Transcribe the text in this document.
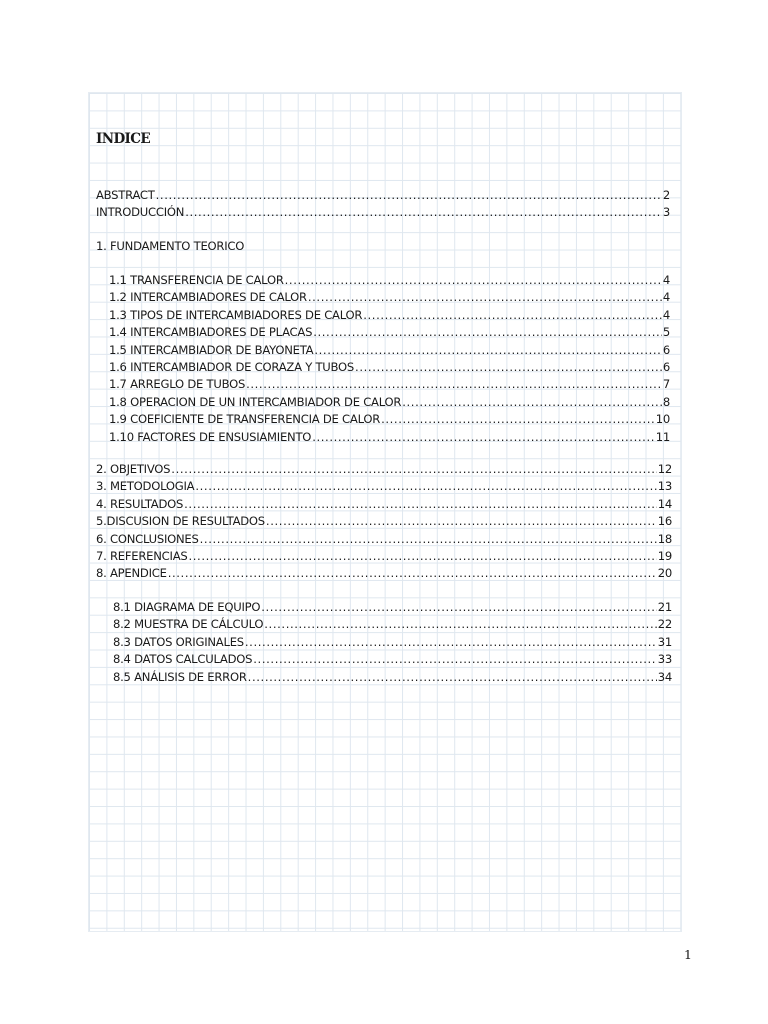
INDICE
ABSTRACT .....	2
INTRODUCCIÓN .....	3
1.1 TRANSFERENCIA DE CALOR .....	4
1.2 INTERCAMBIADORES DE CALOR .....	4
1.3 TIPOS DE INTERCAMBIADORES DE CALOR .....	4
1.4 INTERCAMBIADORES DE PLACAS .....	5
1.5 INTERCAMBIADOR DE BAYONETA .....	6
1.6 INTERCAMBIADOR DE CORAZA Y TUBOS .....	6
1.7 ARREGLO DE TUBOS .....	7
1.8 OPERACION DE UN INTERCAMBIADOR DE CALOR .....	8
1.9 COEFICIENTE DE TRANSFERENCIA DE CALOR .....	10
1.10 FACTORES DE ENSUSIAMIENTO .....	11
2. OBJETIVOS .....	12
3. METODOLOGIA .....	13
4. RESULTADOS .....	14
5.DISCUSION DE RESULTADOS .....	16
6. CONCLUSIONES .....	18
7. REFERENCIAS .....	19
8. APENDICE .....	20
8.1 DIAGRAMA DE EQUIPO .....	21
8.2 MUESTRA DE CÁLCULO .....	22
8.3 DATOS ORIGINALES .....	31
8.4 DATOS CALCULADOS .....	33
8.5 ANÁLISIS DE ERROR .....	34
1. FUNDAMENTO TEORICO
1
